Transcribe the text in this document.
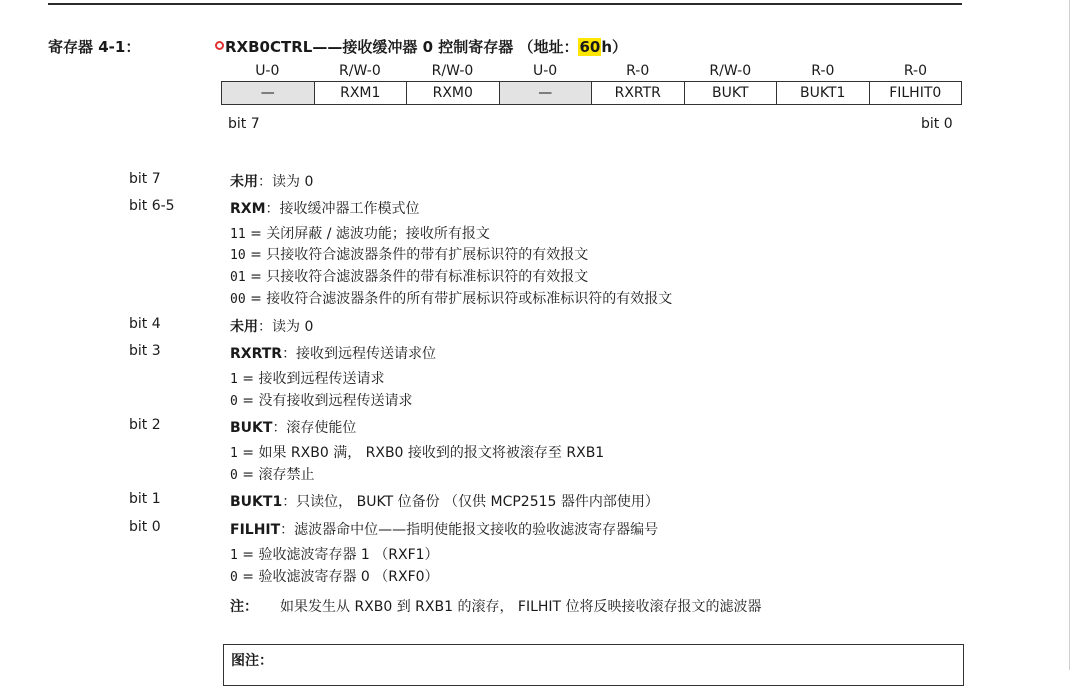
寄存器 4-1：	RXB0CTRL——接收缓冲器 0 控制寄存器 （地址：60h）
U-0	R/W-0	R/W-0	U-0	R-0	R/W-0	R-0	R-0
—	RXM1	RXM0	—	RXRTR	BUKT	BUKT1	FILHIT0
bit 7	bit 0
bit 7	未用：读为 0
bit 6-5	RXM：接收缓冲器工作模式位
11 = 关闭屏蔽 / 滤波功能；接收所有报文
10 = 只接收符合滤波器条件的带有扩展标识符的有效报文
01 = 只接收符合滤波器条件的带有标准标识符的有效报文
00 = 接收符合滤波器条件的所有带扩展标识符或标准标识符的有效报文
bit 4	未用：读为 0
bit 3	RXRTR：接收到远程传送请求位
1 = 接收到远程传送请求
0 = 没有接收到远程传送请求
bit 2	BUKT：滚存使能位
1 = 如果 RXB0 满， RXB0 接收到的报文将被滚存至 RXB1
0 = 滚存禁止
bit 1	BUKT1：只读位， BUKT 位备份 （仅供 MCP2515 器件内部使用）
bit 0	FILHIT：滤波器命中位——指明使能报文接收的验收滤波寄存器编号
1 = 验收滤波寄存器 1 （RXF1）
0 = 验收滤波寄存器 0 （RXF0）
注： 如果发生从 RXB0 到 RXB1 的滚存， FILHIT 位将反映接收滚存报文的滤波器
图注：
